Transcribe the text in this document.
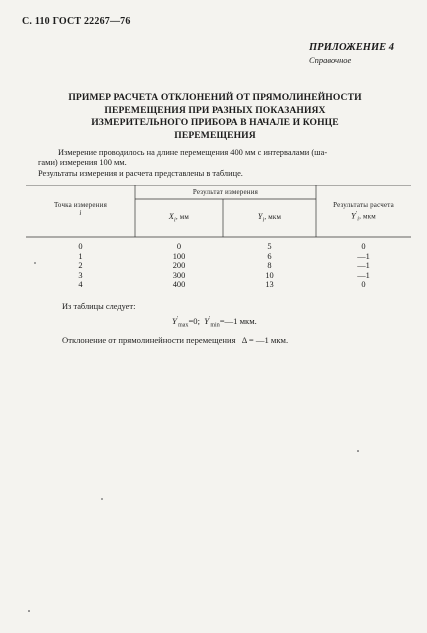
С. 110 ГОСТ 22267—76
ПРИЛОЖЕНИЕ 4
Справочное
ПРИМЕР РАСЧЕТА ОТКЛОНЕНИЙ ОТ ПРЯМОЛИНЕЙНОСТИ
ПЕРЕМЕЩЕНИЯ ПРИ РАЗНЫХ ПОКАЗАНИЯХ
ИЗМЕРИТЕЛЬНОГО ПРИБОРА В НАЧАЛЕ И КОНЦЕ
ПЕРЕМЕЩЕНИЯ
Измерение проводилось на длине перемещения 400 мм с интервалами (ша-
гами) измерения 100 мм.
Результаты измерения и расчета представлены в таблице.
Точка измерения
i
Результат измерения
$X_i$, мм	$Y_i$, мкм
Результаты расчета
$Y'_i$, мкм
0
1
2
3
4
0
100
200
300
400
5
6
8
10
13
0
—1
—1
—1
0
Из таблицы следует:
$Y'_{max}=0$; $Y'_{min}=—1$ мкм.
Отклонение от прямолинейности перемещения Δ = —1 мкм.
